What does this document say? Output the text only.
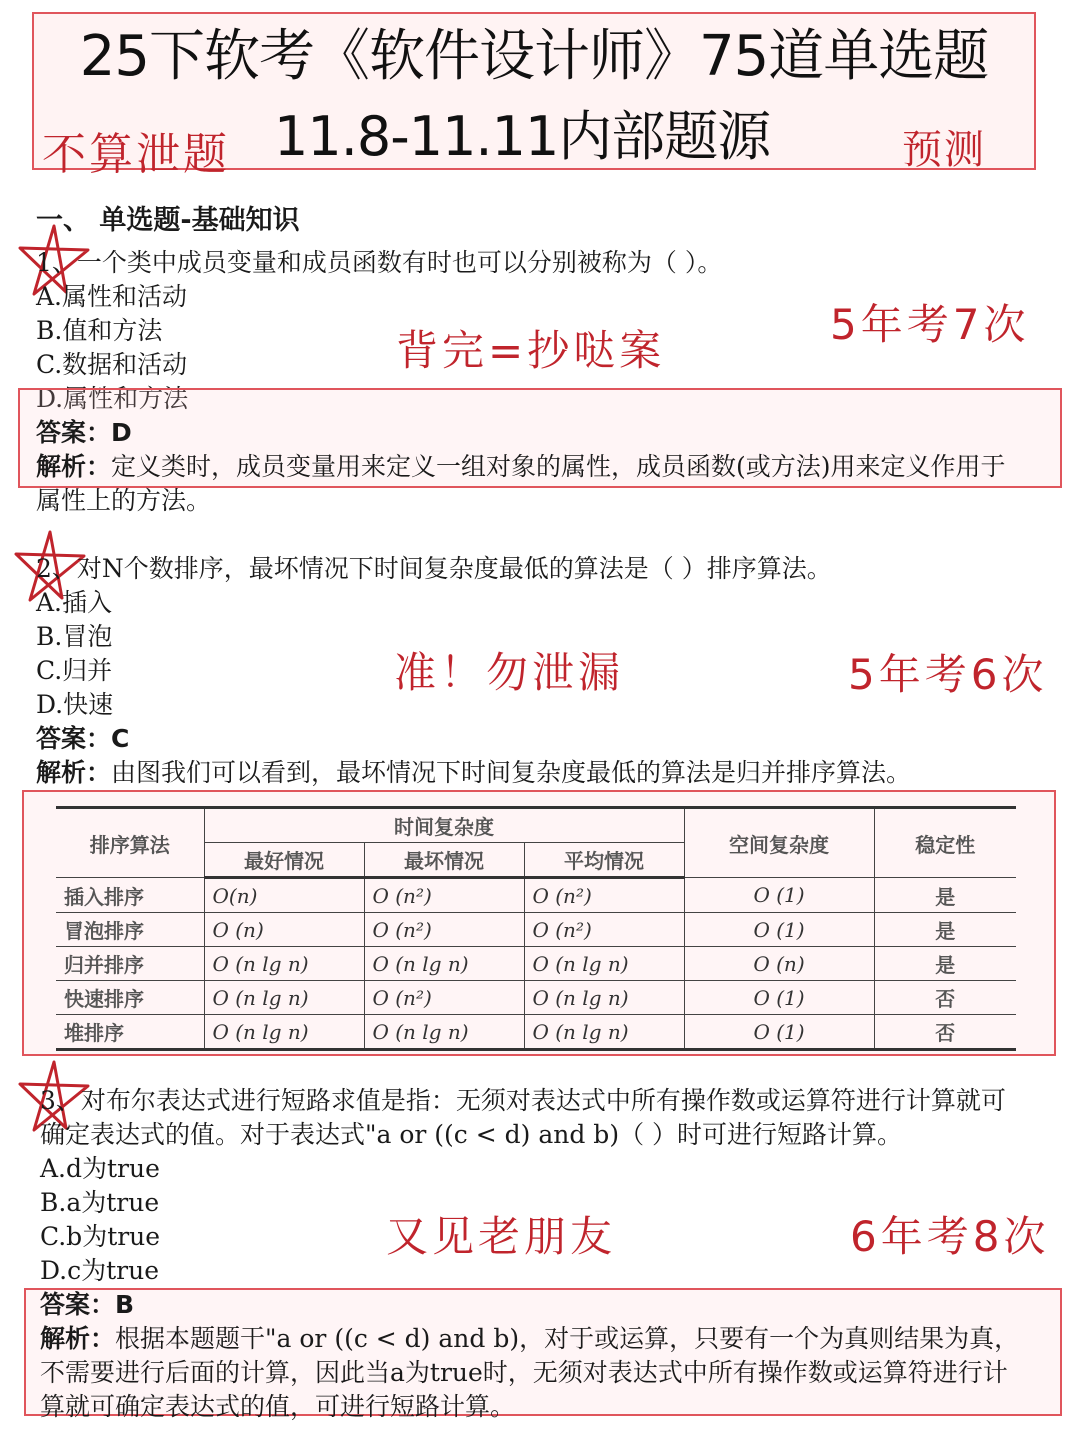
25下软考《软件设计师》75道单选题
不算泄题 11.8-11.11内部题源	预测
一、 单选题-基础知识
1、一个类中成员变量和成员函数有时也可以分别被称为（ ）。
A.属性和活动
B.值和方法
C.数据和活动
D.属性和方法
答案：D
解析：定义类时，成员变量用来定义一组对象的属性，成员函数(或方法)用来定义作用于
属性上的方法。
背完=抄哒案
5年考7次
2、对N个数排序，最坏情况下时间复杂度最低的算法是（ ）排序算法。
A.插入
B.冒泡
C.归并
D.快速
答案：C
解析：由图我们可以看到，最坏情况下时间复杂度最低的算法是归并排序算法。
准！勿泄漏	5年考6次
排序算法	时间复杂度			空间复杂度	稳定性
	最好情况	最坏情况	平均情况		
插入排序	O(n)	O (n²)	O (n²)	O (1)	是
冒泡排序	O (n)	O (n²)	O (n²)	O (1)	是
归并排序	O (n lg n)	O (n lg n)	O (n lg n)	O (n)	是
快速排序	O (n lg n)	O (n²)	O (n lg n)	O (1)	否
堆排序	O (n lg n)	O (n lg n)	O (n lg n)	O (1)	否
3、对布尔表达式进行短路求值是指：无须对表达式中所有操作数或运算符进行计算就可
确定表达式的值。对于表达式"a or ((c < d) and b)（ ）时可进行短路计算。
A.d为true
B.a为true
C.b为true
D.c为true
答案：B
解析：根据本题题干"a or ((c < d) and b)，对于或运算，只要有一个为真则结果为真，
不需要进行后面的计算，因此当a为true时，无须对表达式中所有操作数或运算符进行计
算就可确定表达式的值，可进行短路计算。
又见老朋友	6年考8次
